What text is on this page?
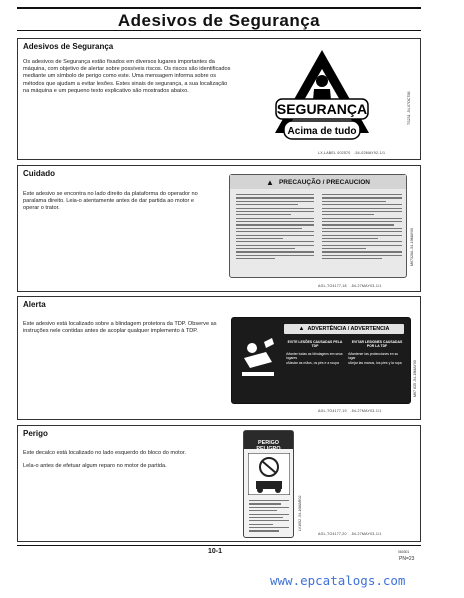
Adesivos de Segurança
Adesivos de Segurança

Os adesivos de Segurança estão fixados em diversos lugares importantes da máquina, com objetivo de alertar sobre possíveis riscos. Os riscos são identificados mediante um símbolo de perigo como este. Uma mensagem informa sobre os métodos que ajudam a evitar lesões. Estes sinais de segurança, a sua localização na máquina e um pequeno texto explicativo são mostrados abaixo.

SEGURANÇA
Acima de tudo
TS231 -54-07OCT88
LX,LABEL 002570 -54-02MAY92-1/1
Cuidado

Este adesivo se encontra no lado direito da plataforma do operador no paralama direito. Leia-o atentamente antes de dar partida ao motor e operar o trator.

▲ PRECAUÇÃO / PRECAUCION
M67328A -54-19MAY00
AGL,TO4177,18 -54-27MAY03-1/1
Alerta

Este adesivo está localizado sobre a blindagem protetora da TDP. Observe as instruções nele contidas antes de acoplar qualquer implemento à TDP.	▲ ADVERTÊNCIA / ADVERTENCIA
EVITE LESÕES CAUSADAS PELA TDP
•Manter todas as blindagens em seus lugares
•Afastar as mãos, os pés e a roupa
EVITAR LESIONES CAUSADAS POR LA TDF
•Mantener las protecciones en su lugar
•Alejar las manos, los pies y la ropa	M67 835 -54-19MAY00
AGL,TO4177,19 -54-27MAY03-1/1
Perigo

Este decalco está localizado no lado esquerdo do bloco do motor.

Lela-o antes de efetuar algum reparo no motor de partida.

PERIGO
PELIGRO

LV1052 -54-16MAR02
AGL,TO4177,20 -54-27MAY03-1/1
10-1	060301
PN=23
www.epcatalogs.com
